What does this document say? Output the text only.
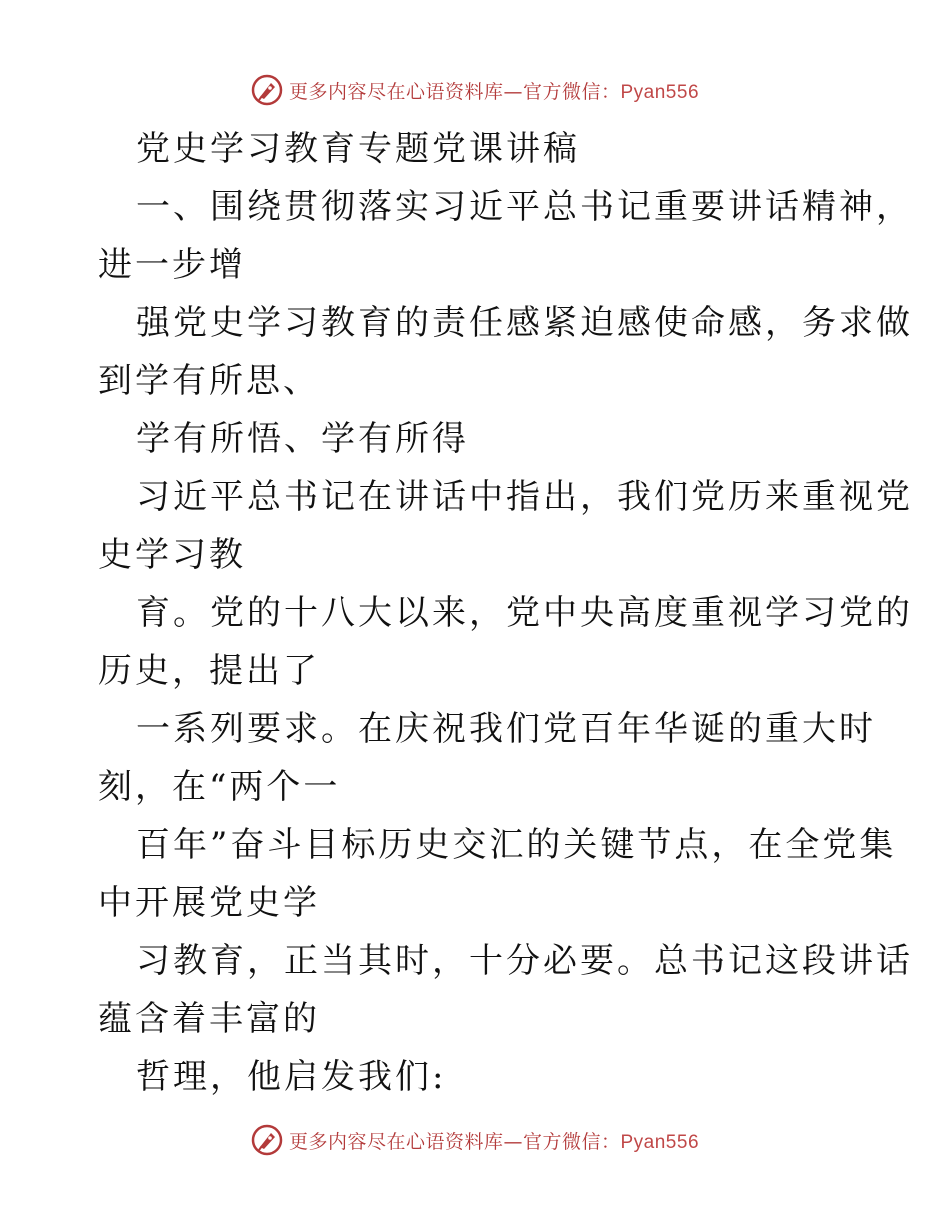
更多内容尽在心语资料库—官方微信：Pyan556
党史学习教育专题党课讲稿
一、围绕贯彻落实习近平总书记重要讲话精神，
进一步增
强党史学习教育的责任感紧迫感使命感，务求做
到学有所思、
学有所悟、学有所得
习近平总书记在讲话中指出，我们党历来重视党
史学习教
育。党的十八大以来，党中央高度重视学习党的
历史，提出了
一系列要求。在庆祝我们党百年华诞的重大时
刻，在“两个一
百年”奋斗目标历史交汇的关键节点，在全党集
中开展党史学
习教育，正当其时，十分必要。总书记这段讲话
蕴含着丰富的
哲理，他启发我们:
更多内容尽在心语资料库—官方微信：Pyan556
